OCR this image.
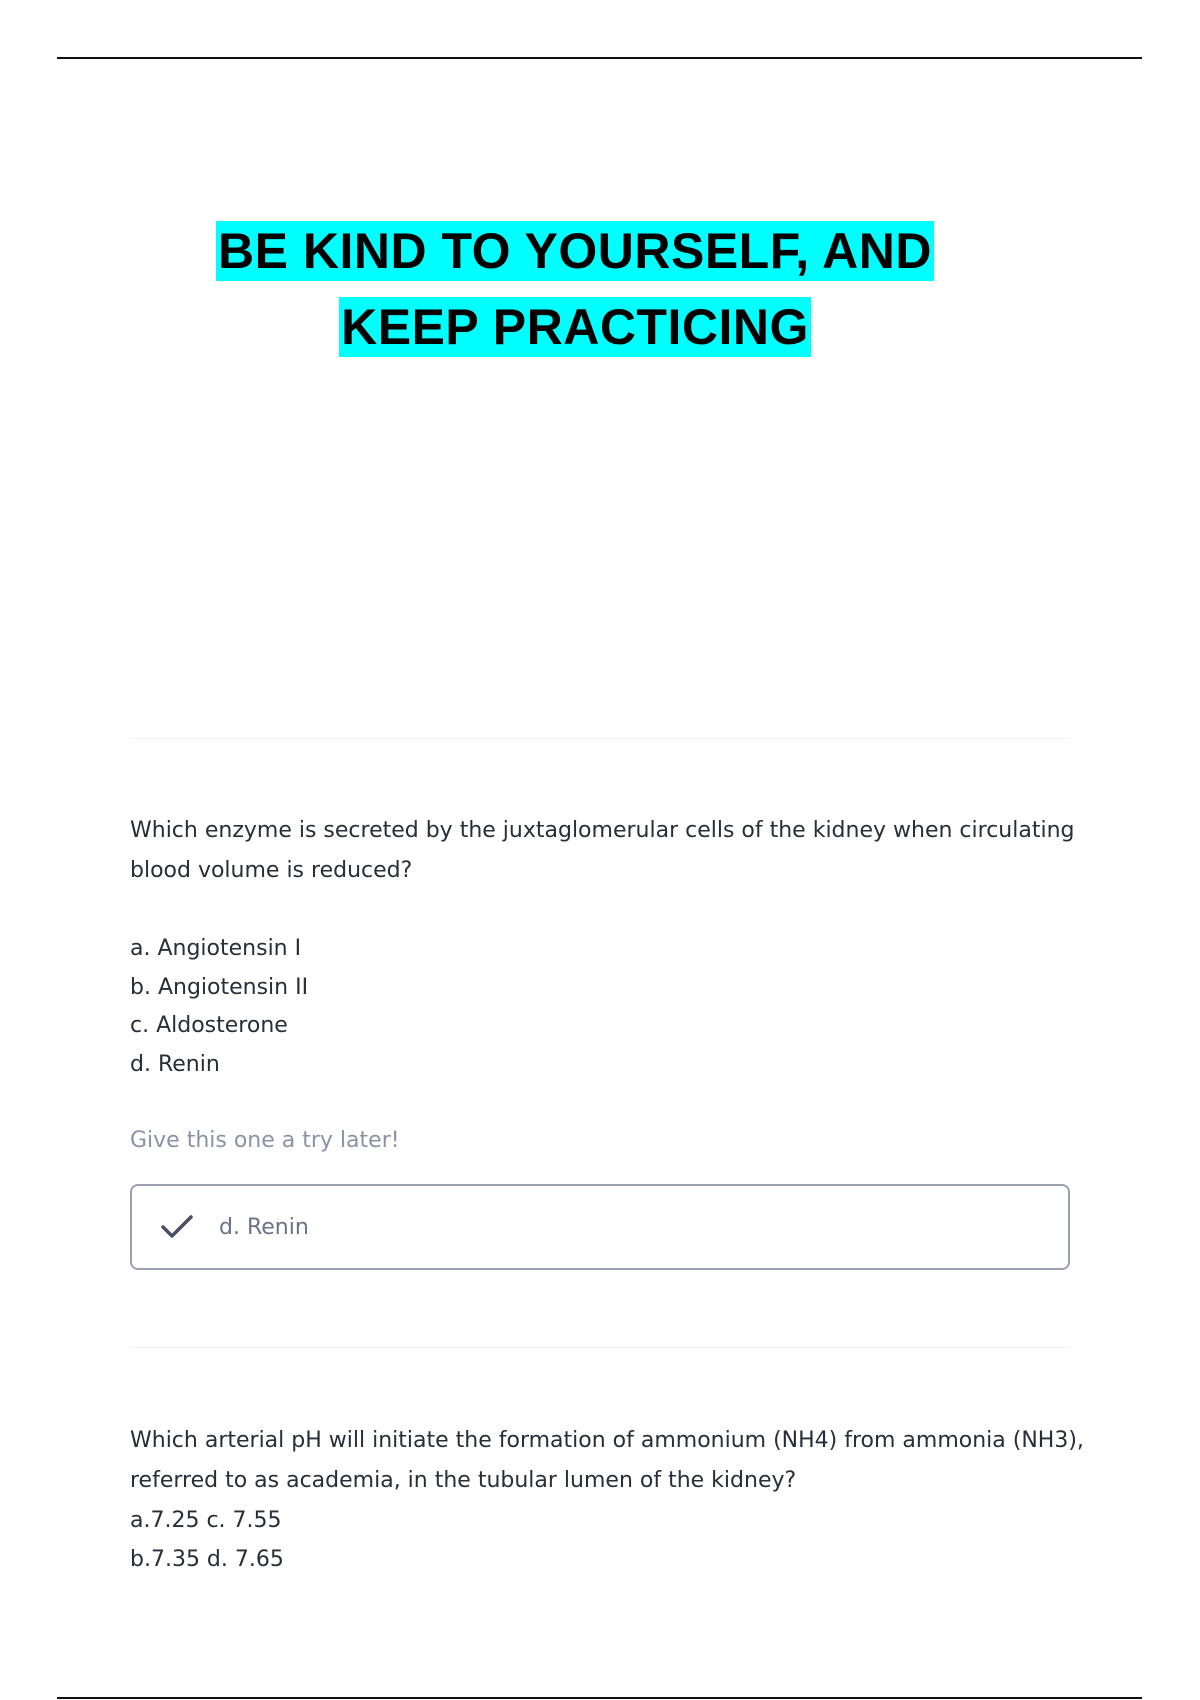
BE KIND TO YOURSELF, AND
KEEP PRACTICING
Which enzyme is secreted by the juxtaglomerular cells of the kidney when circulating blood volume is reduced?
a. Angiotensin I
b. Angiotensin II
c. Aldosterone
d. Renin
Give this one a try later!
d. Renin
Which arterial pH will initiate the formation of ammonium (NH4) from ammonia (NH3), referred to as academia, in the tubular lumen of the kidney?
a.7.25 c. 7.55
b.7.35 d. 7.65
